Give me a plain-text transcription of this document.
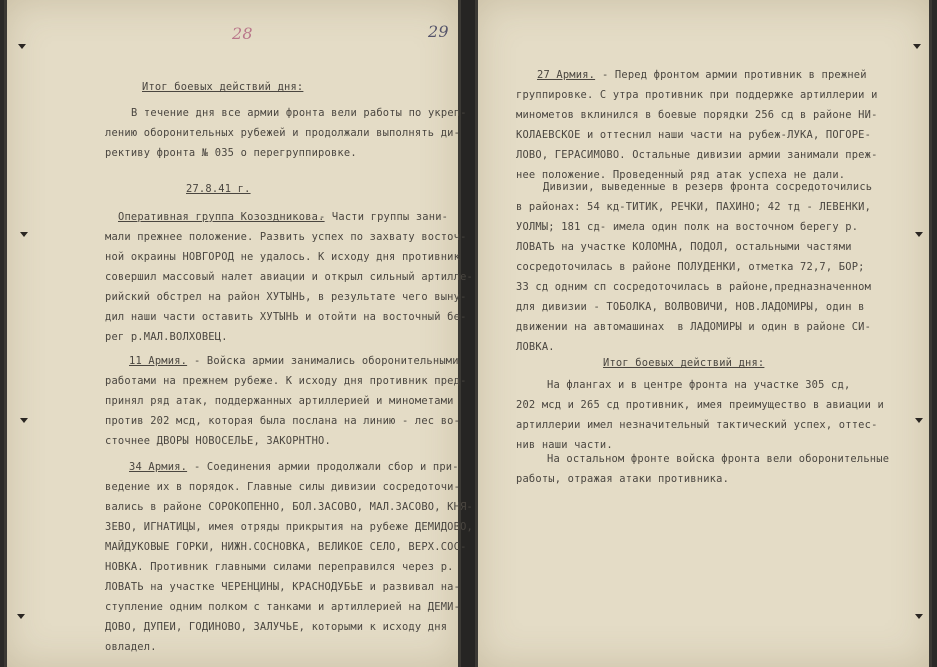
28
Итог боевых действий дня:
В течение дня все армии фронта вели работы по укреп-
лению оборонительных рубежей и продолжали выполнять ди-
рективу фронта № 035 о перегруппировке.
27.8.41 г.
Оперативная группа Козоздникова.
- Части группы зани-
мали прежнее положение. Развить успех по захвату восточ-
ной окраины НОВГОРОД не удалось. К исходу дня противник
совершил массовый налет авиации и открыл сильный артилле-
рийский обстрел на район ХУТЫНЬ, в результате чего выну-
дил наши части оставить ХУТЫНЬ и отойти на восточный бе-
рег р.МАЛ.ВОЛХОВЕЦ.
11 Армия. - Войска армии занимались оборонительными
работами на прежнем рубеже. К исходу дня противник пред-
принял ряд атак, поддержанных артиллерией и минометами
против 202 мсд, которая была послана на линию - лес во-
сточнее ДВОРЫ НОВОСЕЛЬЕ, ЗАКОРНТНО.
34 Армия. - Соединения армии продолжали сбор и при-
ведение их в порядок. Главные силы дивизии сосредоточи-
вались в районе СОРОКОПЕННО, БОЛ.ЗАСОВО, МАЛ.ЗАСОВО, КНЯ-
ЗЕВО, ИГНАТИЦЫ, имея отряды прикрытия на рубеже ДЕМИДОВО,
МАЙДУКОВЫЕ ГОРКИ, НИЖН.СОСНОВКА, ВЕЛИКОЕ СЕЛО, ВЕРХ.СОС-
НОВКА. Противник главными силами переправился через р.
ЛОВАТЬ на участке ЧЕРЕНЦИНЫ, КРАСНОДУБЬЕ и развивал на-
ступление одним полком с танками и артиллерией на ДЕМИ-
ДОВО, ДУПЕИ, ГОДИНОВО, ЗАЛУЧЬЕ, которыми к исходу дня
овладел.
29
27 Армия. - Перед фронтом армии противник в прежней
группировке. С утра противник при поддержке артиллерии и
минометов вклинился в боевые порядки 256 сд в районе НИ-
КОЛАЕВСКОЕ и оттеснил наши части на рубеж-ЛУКА, ПОГОРЕ-
ЛОВО, ГЕРАСИМОВО. Остальные дивизии армии занимали преж-
нее положение. Проведенный ряд атак успеха не дали.
Дивизии, выведенные в резерв фронта сосредоточились
в районах: 54 кд-ТИТИК, РЕЧКИ, ПАХИНО; 42 тд - ЛЕВЕНКИ,
УОЛМЫ; 181 сд- имела один полк на восточном берегу р.
ЛОВАТЬ на участке КОЛОМНА, ПОДОЛ, остальными частями
сосредоточилась в районе ПОЛУДЕНКИ, отметка 72,7, БОР;
33 сд одним сп сосредоточилась в районе,предназначенном
для дивизии - ТОБОЛКА, ВОЛВОВИЧИ, НОВ.ЛАДОМИРЫ, один в
движении на автомашинах  в ЛАДОМИРЫ и один в районе СИ-
ЛОВКА.
Итог боевых действий дня:
На флангах и в центре фронта на участке 305 сд,
202 мсд и 265 сд противник, имея преимущество в авиации и
артиллерии имел незначительный тактический успех, оттес-
нив наши части.
На остальном фронте войска фронта вели оборонительные
работы, отражая атаки противника.
